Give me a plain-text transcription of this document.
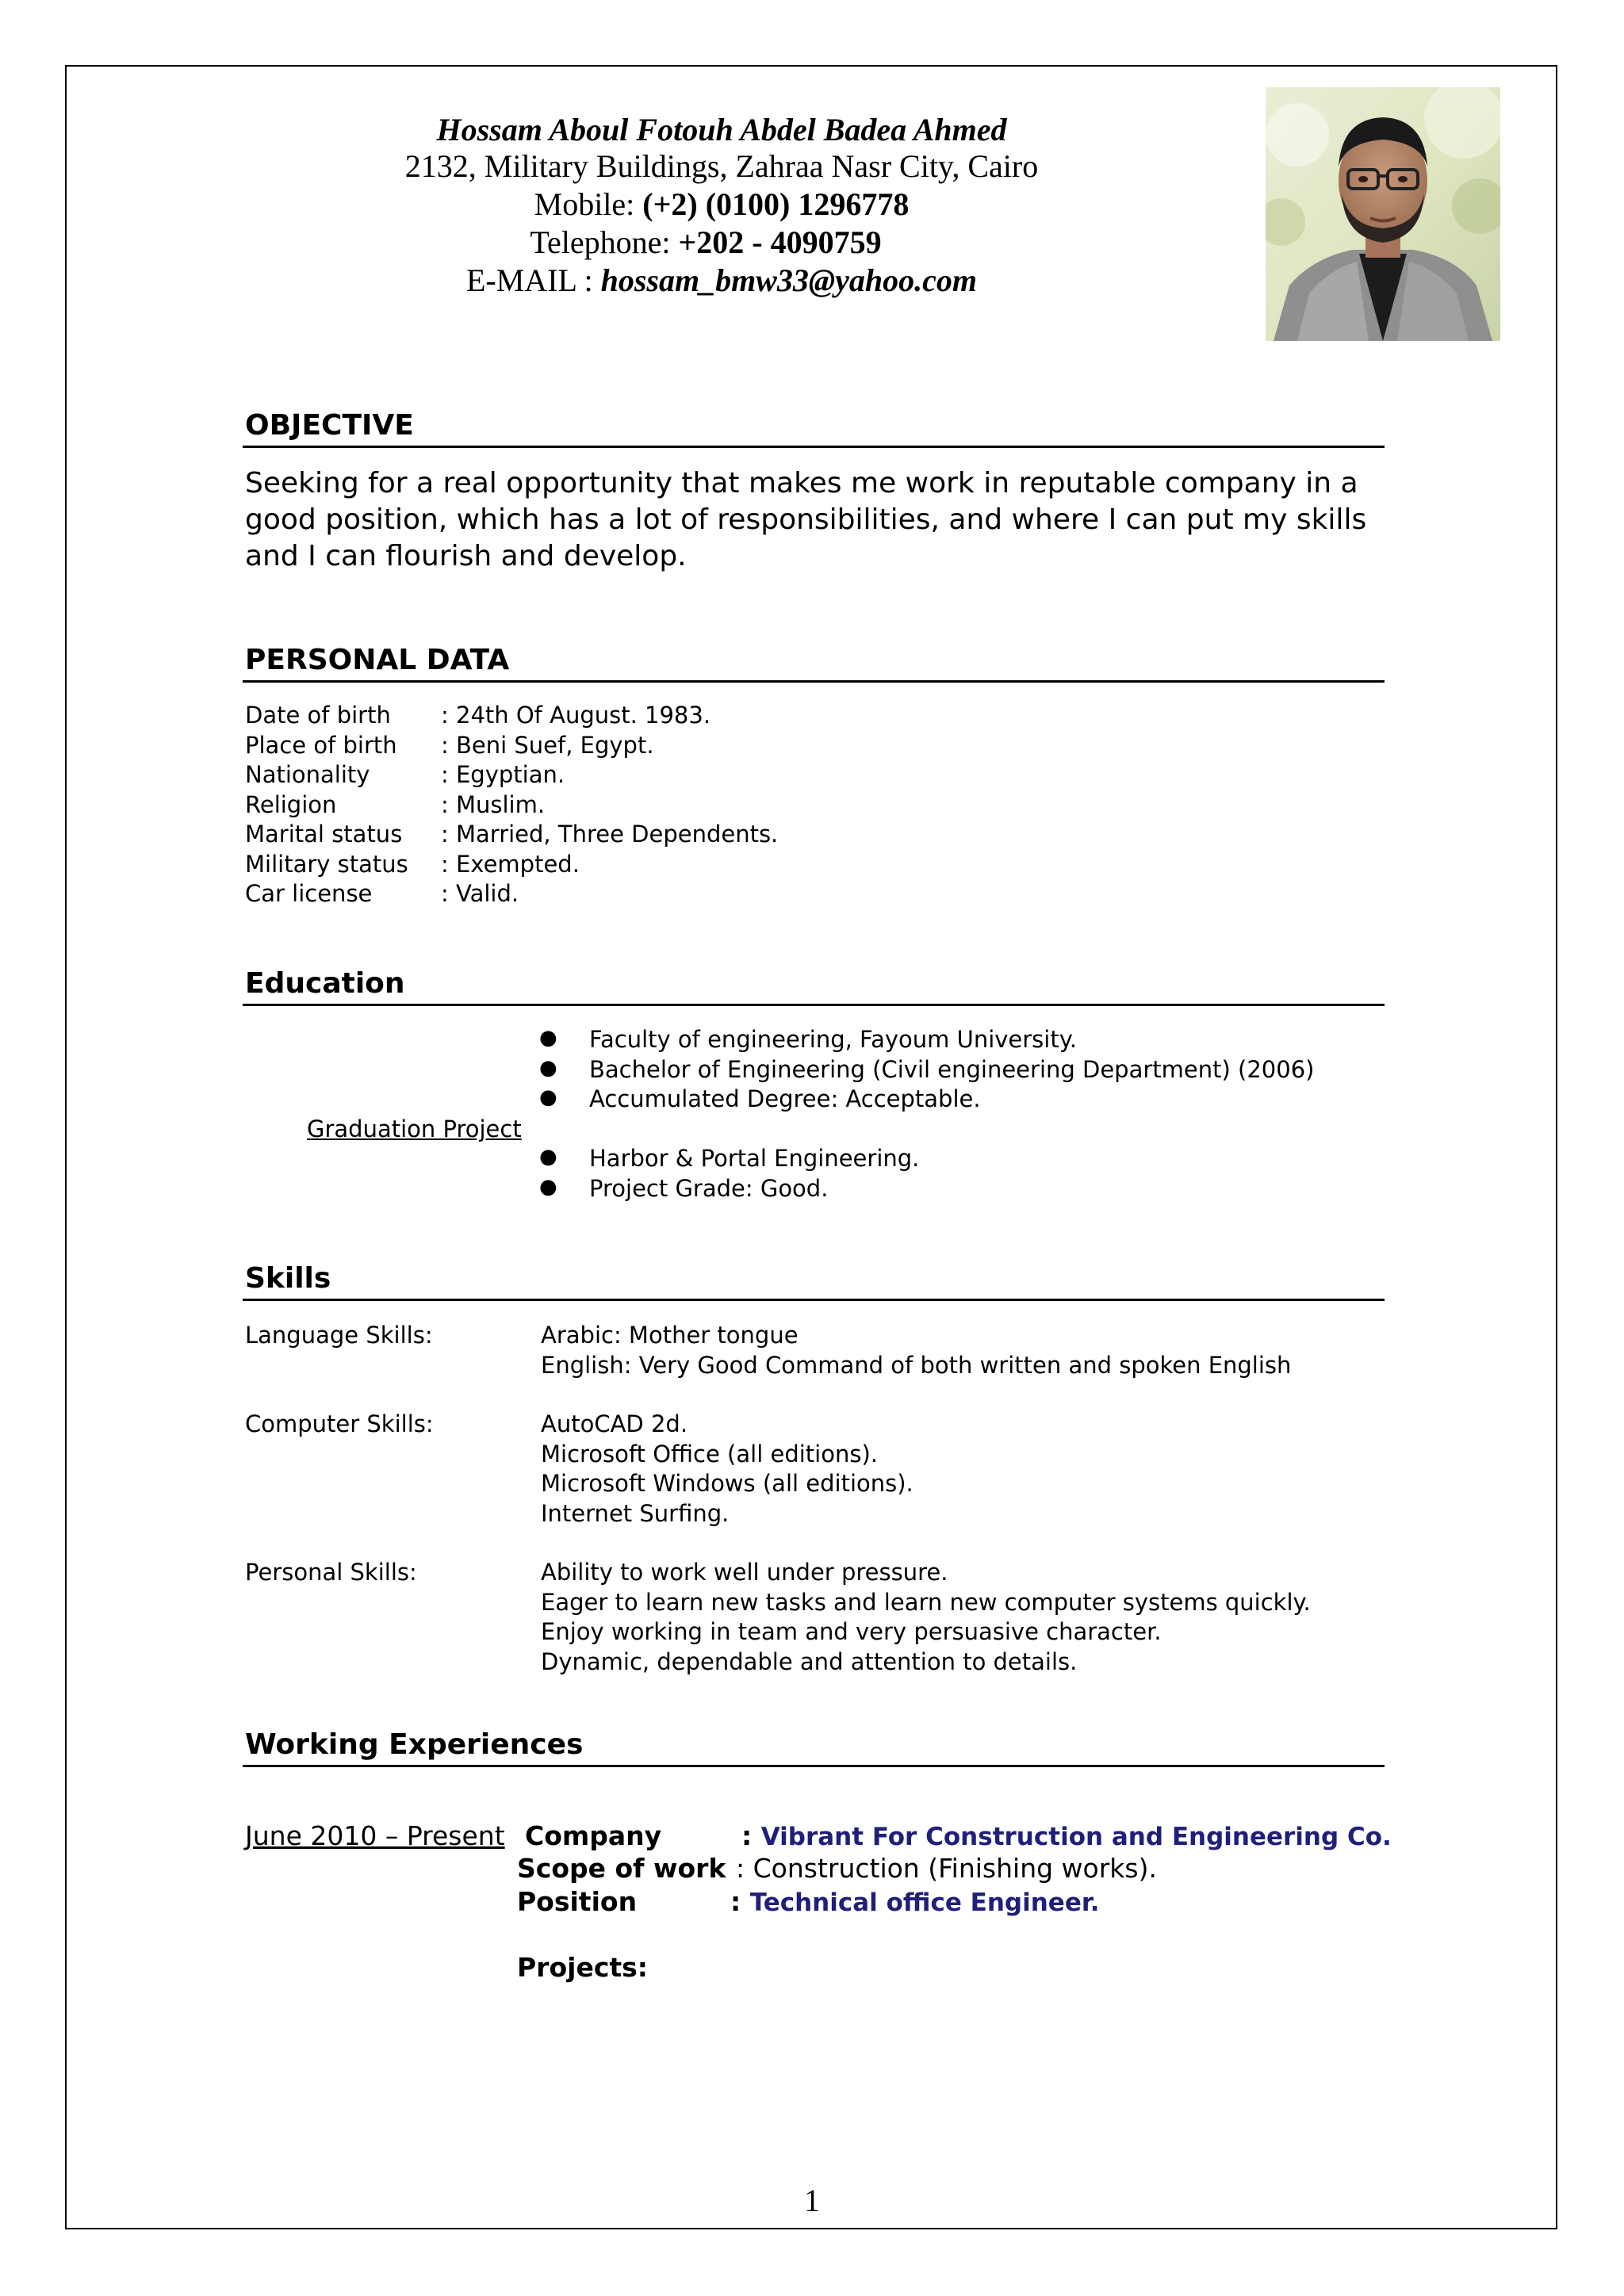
Hossam Aboul Fotouh Abdel Badea Ahmed
2132, Military Buildings, Zahraa Nasr City, Cairo
Mobile: (+2) (0100) 1296778
Telephone: +202 - 4090759
E-MAIL : hossam_bmw33@yahoo.com
OBJECTIVE
Seeking for a real opportunity that makes me work in reputable company in a good position, which has a lot of responsibilities, and where I can put my skills and I can flourish and develop.
PERSONAL DATA
Date of birth : 24th Of August. 1983.
Place of birth : Beni Suef, Egypt.
Nationality	: Egyptian.
Religion	: Muslim.
Marital status : Married, Three Dependents.
Military status : Exempted.
Car license	: Valid.
Education
● Faculty of engineering, Fayoum University.
● Bachelor of Engineering (Civil engineering Department) (2006)
● Accumulated Degree: Acceptable.
Graduation Project
● Harbor & Portal Engineering.
● Project Grade: Good.
Skills
Language Skills:	Arabic: Mother tongue
English: Very Good Command of both written and spoken English
Computer Skills:	AutoCAD 2d.
Microsoft Office (all editions).
Microsoft Windows (all editions).
Internet Surfing.
Personal Skills:	Ability to work well under pressure.
Eager to learn new tasks and learn new computer systems quickly.
Enjoy working in team and very persuasive character.
Dynamic, dependable and attention to details.
Working Experiences
June 2010 – Present Company	: Vibrant For Construction and Engineering Co.
Scope of work : Construction (Finishing works).
Position	: Technical office Engineer.
Projects:
1
